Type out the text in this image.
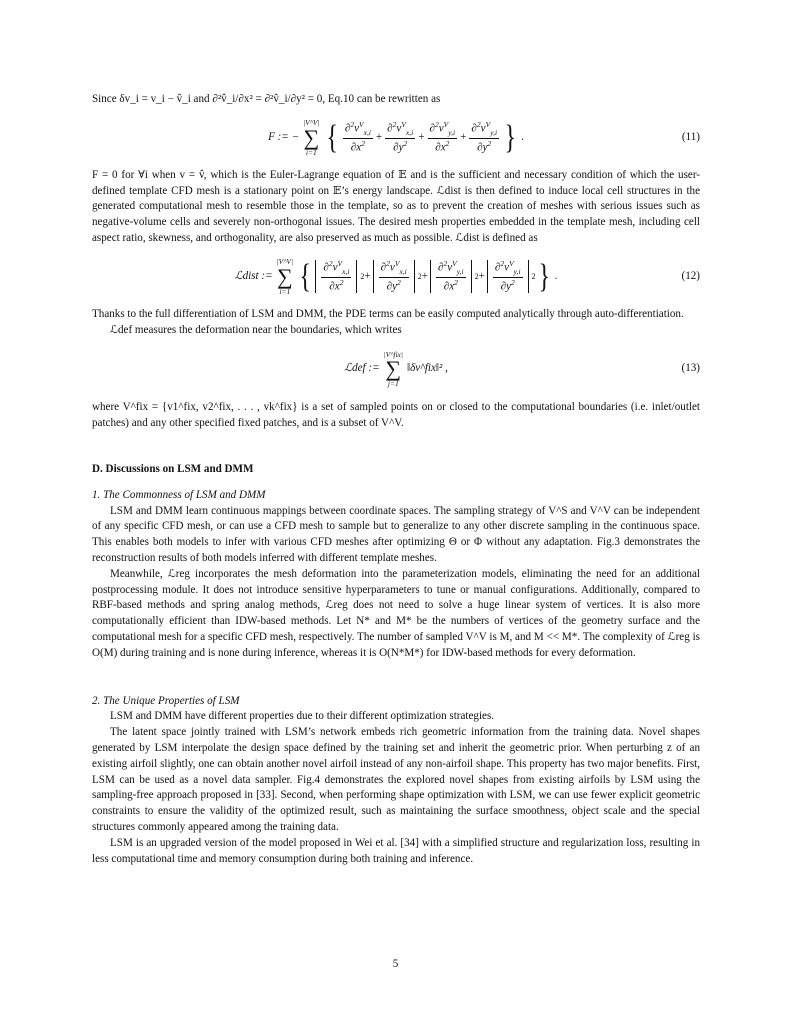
Since δv_i = v_i − v̂_i and ∂²v̂_i/∂x² = ∂²v̂_i/∂y² = 0, Eq.10 can be rewritten as

F := −
|V^V|
∑
i=1 { $\frac{\partial^2v^V_{x,i}}{\partial x^2} + \frac{\partial^2v^V_{x,i}}{\partial y^2} + \frac{\partial^2v^V_{y,i}}{\partial x^2} + \frac{\partial^2v^V_{y,i}}{\partial y^2}$ } .	(11)

F = 0 for ∀i when v = v̂, which is the Euler-Lagrange equation of 𝔼 and is the sufficient and necessary condition of which the user-defined template CFD mesh is a stationary point on 𝔼’s energy landscape. ℒdist is then defined to induce local cell structures in the generated computational mesh to resemble those in the template, so as to prevent the creation of meshes with serious issues such as negative-volume cells and severely non-orthogonal issues. The desired mesh properties embedded in the template mesh, including cell aspect ratio, skewness, and orthogonality, are also preserved as much as possible. ℒdist is defined as

ℒdist :=
|V^V|
∑
i=1 { $\frac{\partial^2v^V_{x,i}}{\partial x^2} 2 + \frac{\partial^2v^V_{x,i}}{\partial y^2} 2 + \frac{\partial^2v^V_{y,i}}{\partial x^2} 2 + \frac{\partial^2v^V_{y,i}}{\partial y^2} 2$ } .	(12)

Thanks to the full differentiation of LSM and DMM, the PDE terms can be easily computed analytically through auto-differentiation.

ℒdef measures the deformation near the boundaries, which writes

ℒdef :=
|V^fix|
∑
j=1
‖δv^fix‖² ,	(13)

where V^fix = {v1^fix, v2^fix, . . . , vk^fix} is a set of sampled points on or closed to the computational boundaries (i.e. inlet/outlet patches) and any other specified fixed patches, and is a subset of V^V.

D. Discussions on LSM and DMM
1. The Commonness of LSM and DMM

LSM and DMM learn continuous mappings between coordinate spaces. The sampling strategy of V^S and V^V can be independent of any specific CFD mesh, or can use a CFD mesh to sample but to generalize to any other discrete sampling in the continuous space. This enables both models to infer with various CFD meshes after optimizing Θ or Φ without any adaptation. Fig.3 demonstrates the reconstruction results of both models inferred with different template meshes.

Meanwhile, ℒreg incorporates the mesh deformation into the parameterization models, eliminating the need for an additional postprocessing module. It does not introduce sensitive hyperparameters to tune or manual configurations. Additionally, compared to RBF-based methods and spring analog methods, ℒreg does not need to solve a huge linear system of vertices. It is also more computationally efficient than IDW-based methods. Let N* and M* be the numbers of vertices of the geometry surface and the computational mesh for a specific CFD mesh, respectively. The number of sampled V^V is M, and M << M*. The complexity of ℒreg is O(M) during training and is none during inference, whereas it is O(N*M*) for IDW-based methods for every deformation.

2. The Unique Properties of LSM

LSM and DMM have different properties due to their different optimization strategies.

The latent space jointly trained with LSM’s network embeds rich geometric information from the training data. Novel shapes generated by LSM interpolate the design space defined by the training set and inherit the geometric prior. When perturbing z of an existing airfoil slightly, one can obtain another novel airfoil instead of any non-airfoil shape. This property has two major benefits. First, LSM can be used as a novel data sampler. Fig.4 demonstrates the explored novel shapes from existing airfoils by LSM using the sampling-free approach proposed in [33]. Second, when performing shape optimization with LSM, we can use fewer explicit geometric constraints to ensure the validity of the optimized result, such as maintaining the surface smoothness, object scale and the special structures commonly appeared among the training data.

LSM is an upgraded version of the model proposed in Wei et al. [34] with a simplified structure and regularization loss, resulting in less computational time and memory consumption during both training and inference.

5
